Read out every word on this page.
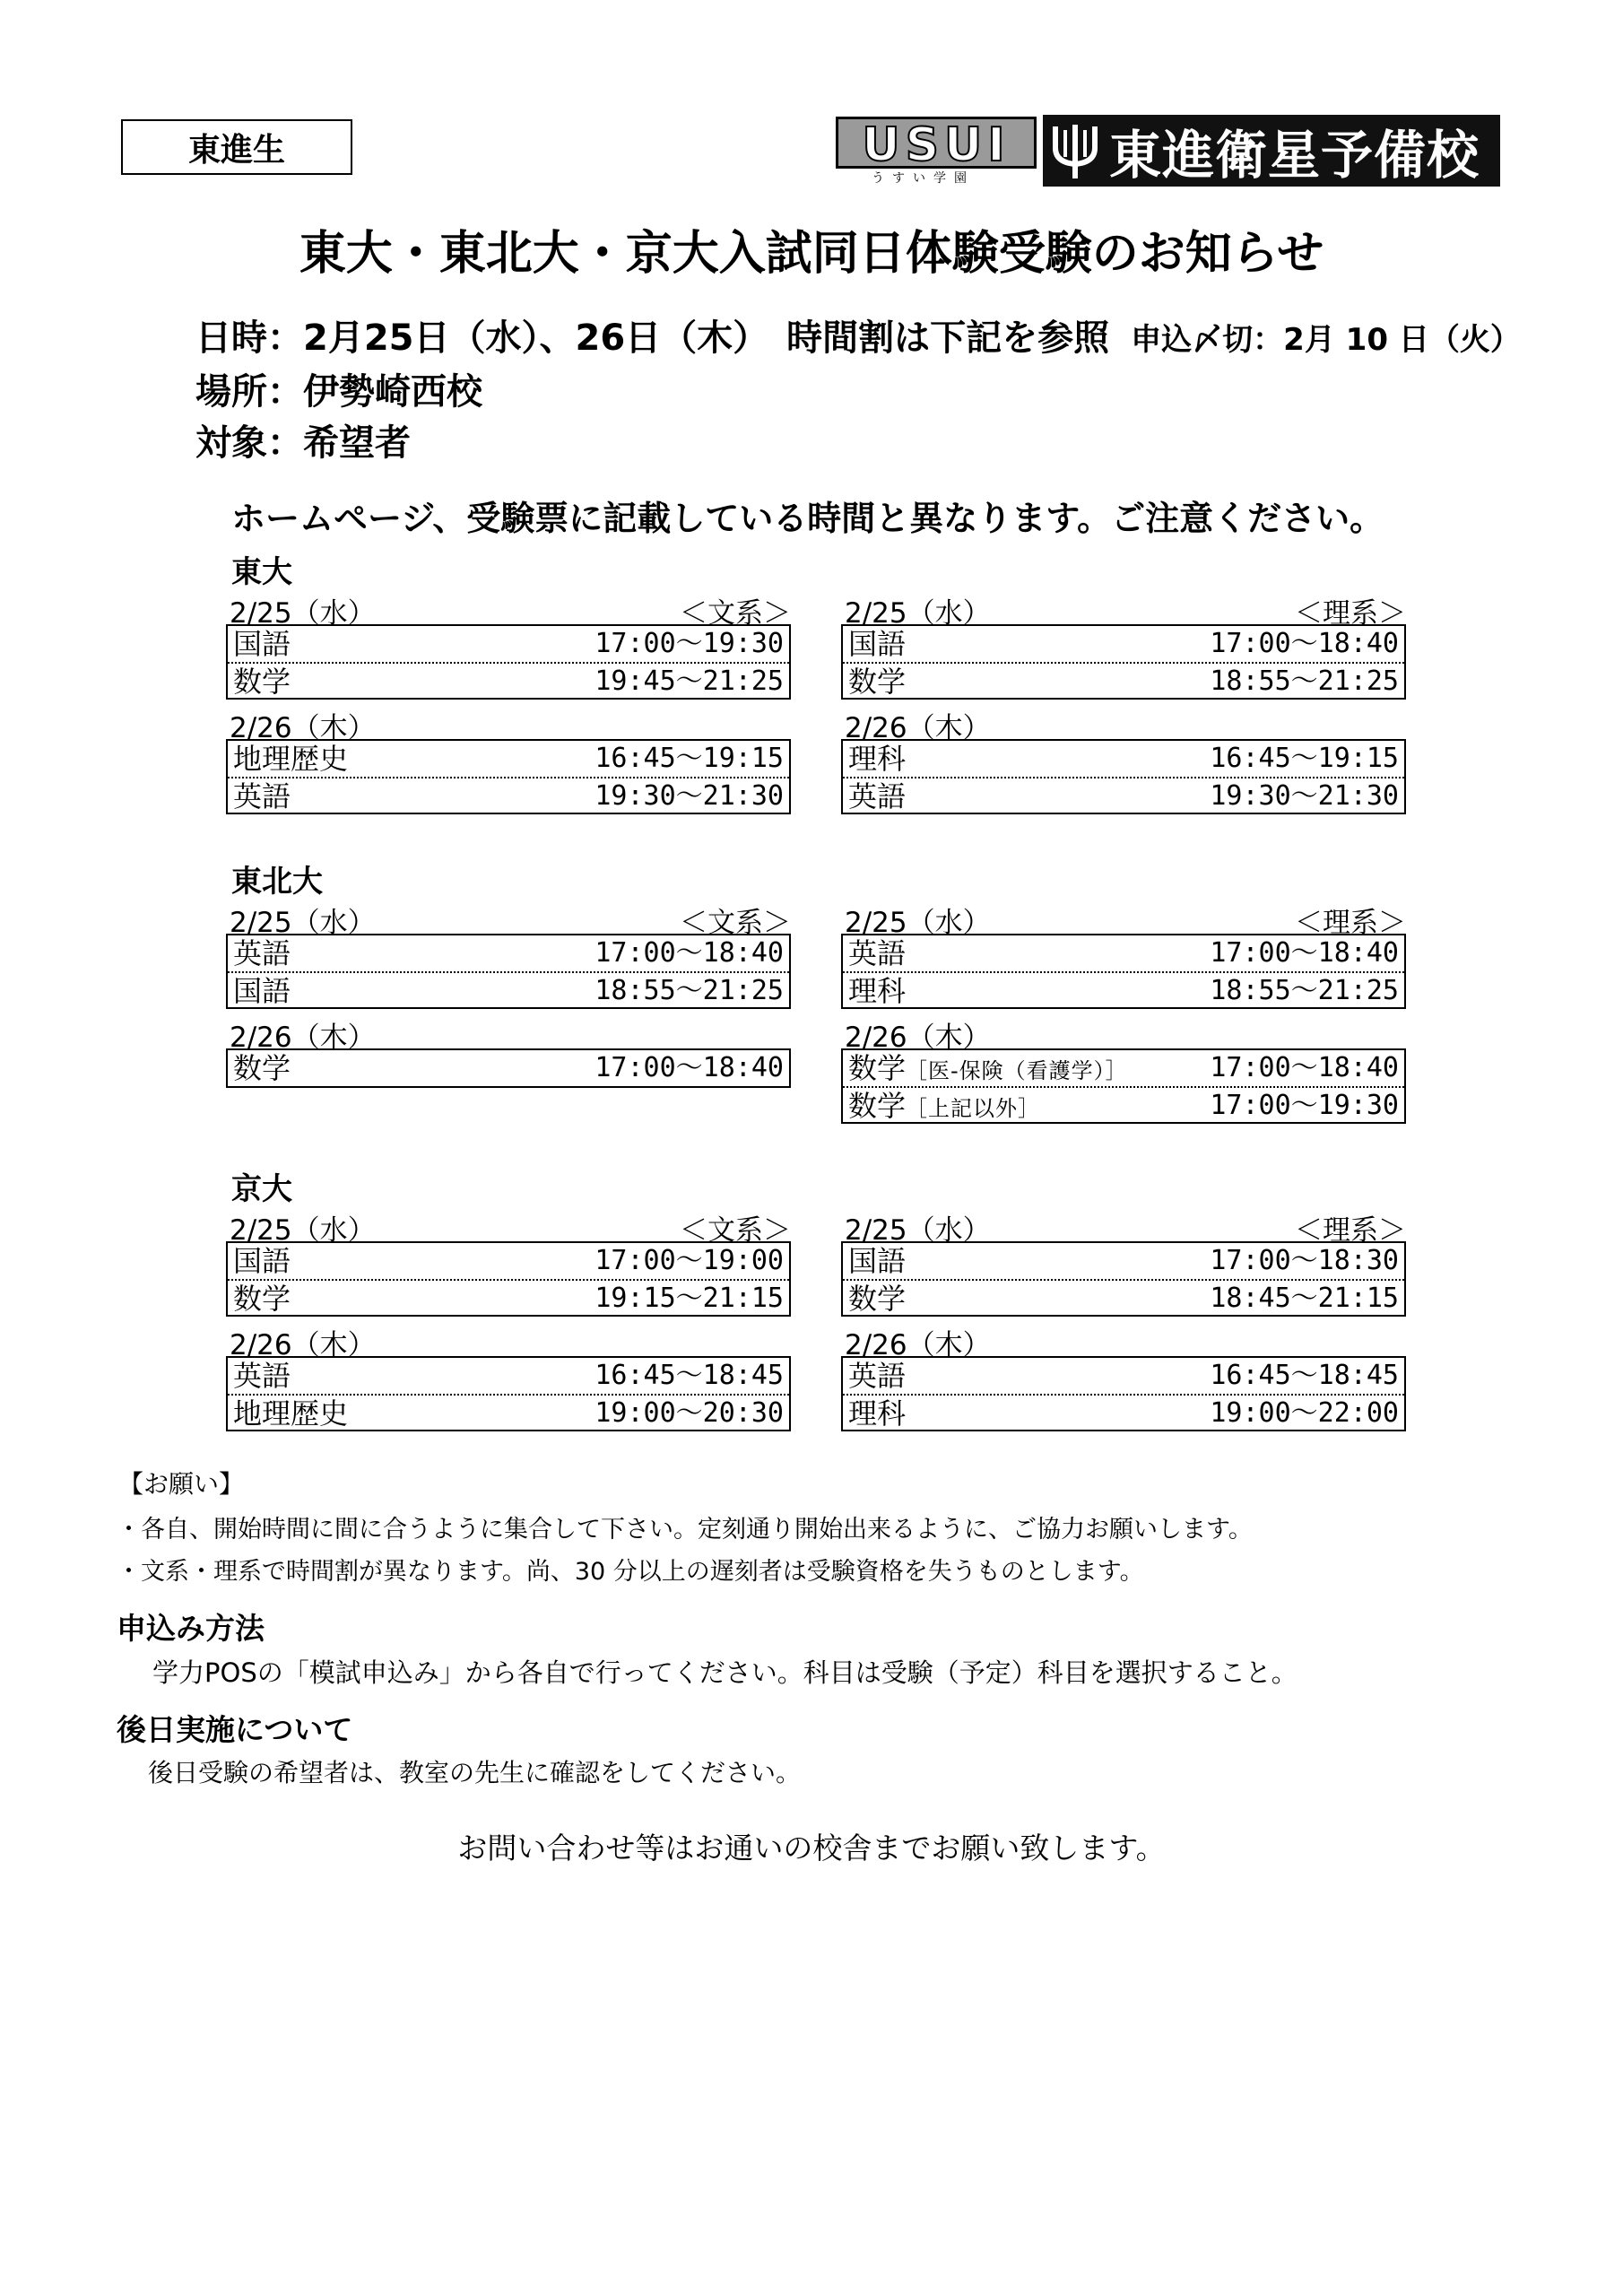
東進生	USUI
うすい学園	東進衛星予備校
東大・東北大・京大入試同日体験受験のお知らせ
日時：2月25日（水）、26日（木）　時間割は下記を参照 申込〆切：2月 10 日（火）
場所：伊勢崎西校
対象：希望者
ホームページ、受験票に記載している時間と異なります。ご注意ください。
東大
2/25（水）	＜文系＞
国語	17:00〜19:30
数学	19:45〜21:25
2/26（木）
地理歴史	16:45〜19:15
英語	19:30〜21:30
2/25（水）	＜理系＞
国語	17:00〜18:40
数学	18:55〜21:25
2/26（木）
理科	16:45〜19:15
英語	19:30〜21:30
東北大
2/25（水）	＜文系＞
英語	17:00〜18:40
国語	18:55〜21:25
2/26（木）
数学	17:00〜18:40
2/25（水）	＜理系＞
英語	17:00〜18:40
理科	18:55〜21:25
2/26（木）
数学［医-保険（看護学）］	17:00〜18:40
数学［上記以外］	17:00〜19:30
京大
2/25（水）	＜文系＞
国語	17:00〜19:00
数学	19:15〜21:15
2/26（木）
英語	16:45〜18:45
地理歴史	19:00〜20:30
2/25（水）	＜理系＞
国語	17:00〜18:30
数学	18:45〜21:15
2/26（木）
英語	16:45〜18:45
理科	19:00〜22:00
【お願い】
・各自、開始時間に間に合うように集合して下さい。定刻通り開始出来るように、ご協力お願いします。
・文系・理系で時間割が異なります。尚、30 分以上の遅刻者は受験資格を失うものとします。
申込み方法
学力POSの「模試申込み」から各自で行ってください。科目は受験（予定）科目を選択すること。
後日実施について
後日受験の希望者は、教室の先生に確認をしてください。
お問い合わせ等はお通いの校舎までお願い致します。
